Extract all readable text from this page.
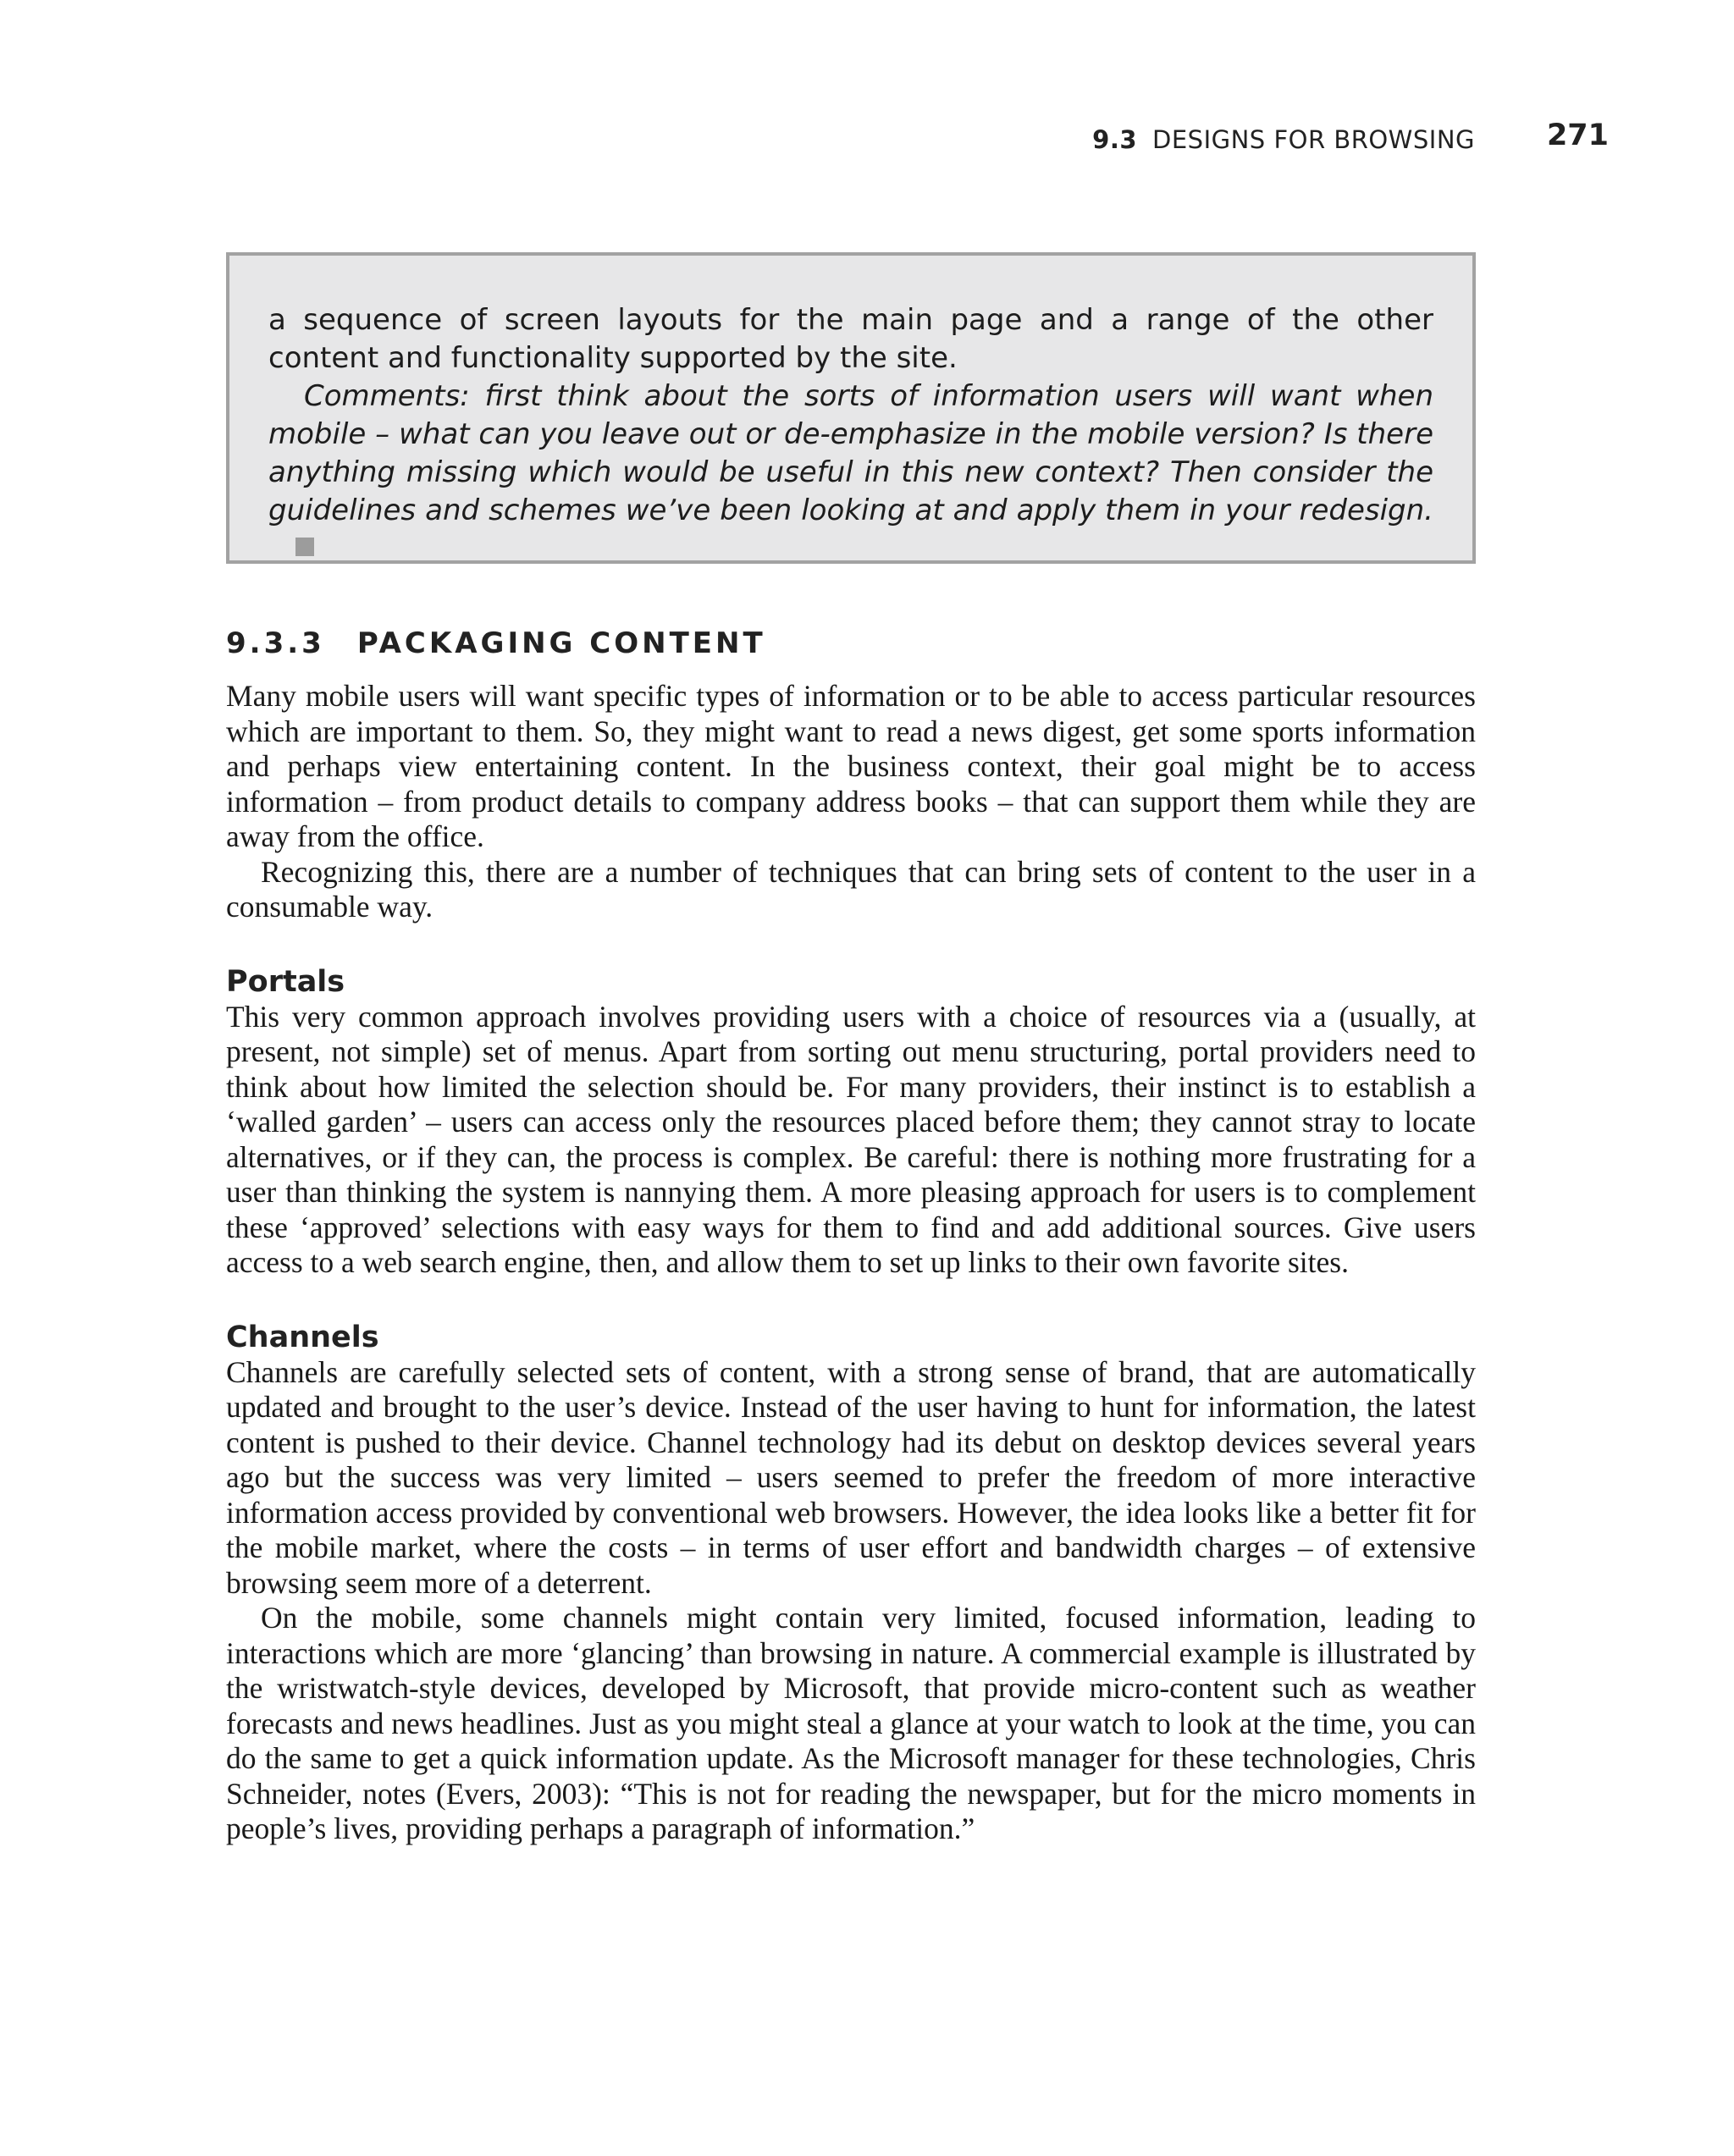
9.3 DESIGNS FOR BROWSING 271

a sequence of screen layouts for the main page and a range of the other content and functionality supported by the site.

Comments: first think about the sorts of information users will want when mobile – what can you leave out or de-emphasize in the mobile version? Is there anything missing which would be useful in this new context? Then consider the guidelines and schemes we’ve been looking at and apply them in your redesign.

9.3.3 PACKAGING CONTENT

Many mobile users will want specific types of information or to be able to access particular resources which are important to them. So, they might want to read a news digest, get some sports information and perhaps view entertaining content. In the business context, their goal might be to access information – from product details to company address books – that can support them while they are away from the office.

Recognizing this, there are a number of techniques that can bring sets of content to the user in a consumable way.

Portals

This very common approach involves providing users with a choice of resources via a (usually, at present, not simple) set of menus. Apart from sorting out menu structuring, portal providers need to think about how limited the selection should be. For many providers, their instinct is to establish a ‘walled garden’ – users can access only the resources placed before them; they cannot stray to locate alternatives, or if they can, the process is complex. Be careful: there is nothing more frustrating for a user than thinking the system is nannying them. A more pleasing approach for users is to complement these ‘approved’ selections with easy ways for them to find and add additional sources. Give users access to a web search engine, then, and allow them to set up links to their own favorite sites.

Channels

Channels are carefully selected sets of content, with a strong sense of brand, that are automatically updated and brought to the user’s device. Instead of the user having to hunt for information, the latest content is pushed to their device. Channel technology had its debut on desktop devices several years ago but the success was very limited – users seemed to prefer the freedom of more interactive information access provided by conventional web browsers. However, the idea looks like a better fit for the mobile market, where the costs – in terms of user effort and bandwidth charges – of extensive browsing seem more of a deterrent.

On the mobile, some channels might contain very limited, focused information, leading to interactions which are more ‘glancing’ than browsing in nature. A commercial example is illustrated by the wristwatch-style devices, developed by Microsoft, that provide micro-content such as weather forecasts and news headlines. Just as you might steal a glance at your watch to look at the time, you can do the same to get a quick information update. As the Microsoft manager for these technologies, Chris Schneider, notes (Evers, 2003): “This is not for reading the newspaper, but for the micro moments in people’s lives, providing perhaps a paragraph of information.”
